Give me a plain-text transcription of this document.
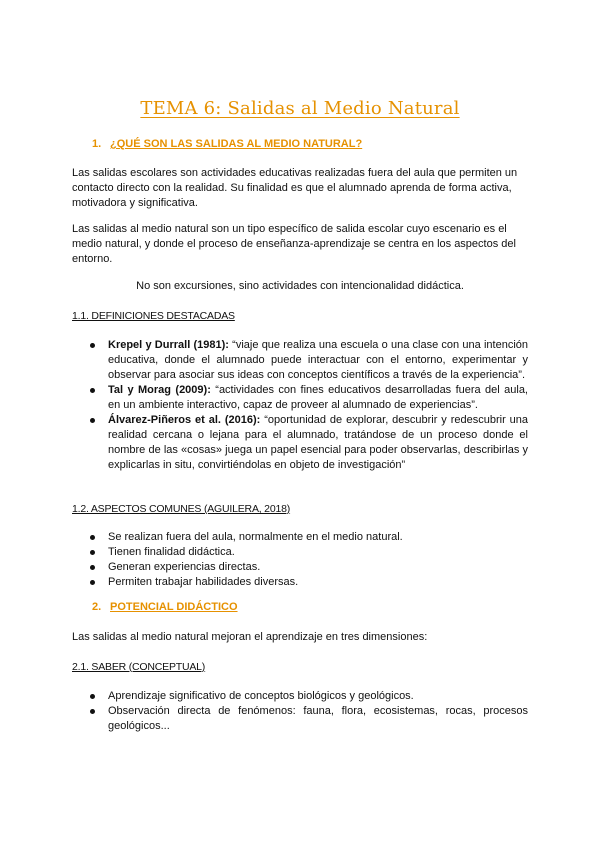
TEMA 6: Salidas al Medio Natural
1. ¿QUÉ SON LAS SALIDAS AL MEDIO NATURAL?

Las salidas escolares son actividades educativas realizadas fuera del aula que permiten un contacto directo con la realidad. Su finalidad es que el alumnado aprenda de forma activa, motivadora y significativa.

Las salidas al medio natural son un tipo específico de salida escolar cuyo escenario es el medio natural, y donde el proceso de enseñanza-aprendizaje se centra en los aspectos del entorno.

No son excursiones, sino actividades con intencionalidad didáctica.

1.1. DEFINICIONES DESTACADAS
Krepel y Durrall (1981): “viaje que realiza una escuela o una clase con una intención educativa, donde el alumnado puede interactuar con el entorno, experimentar y observar para asociar sus ideas con conceptos científicos a través de la experiencia”.
Tal y Morag (2009): “actividades con fines educativos desarrolladas fuera del aula, en un ambiente interactivo, capaz de proveer al alumnado de experiencias”.
Álvarez-Piñeros et al. (2016): “oportunidad de explorar, descubrir y redescubrir una realidad cercana o lejana para el alumnado, tratándose de un proceso donde el nombre de las «cosas» juega un papel esencial para poder observarlas, describirlas y explicarlas in situ, convirtiéndolas en objeto de investigación”
1.2. ASPECTOS COMUNES (AGUILERA, 2018)
Se realizan fuera del aula, normalmente en el medio natural.
Tienen finalidad didáctica.
Generan experiencias directas.
Permiten trabajar habilidades diversas.
2. POTENCIAL DIDÁCTICO

Las salidas al medio natural mejoran el aprendizaje en tres dimensiones:

2.1. SABER (CONCEPTUAL)
Aprendizaje significativo de conceptos biológicos y geológicos.
Observación directa de fenómenos: fauna, flora, ecosistemas, rocas, procesos geológicos...
